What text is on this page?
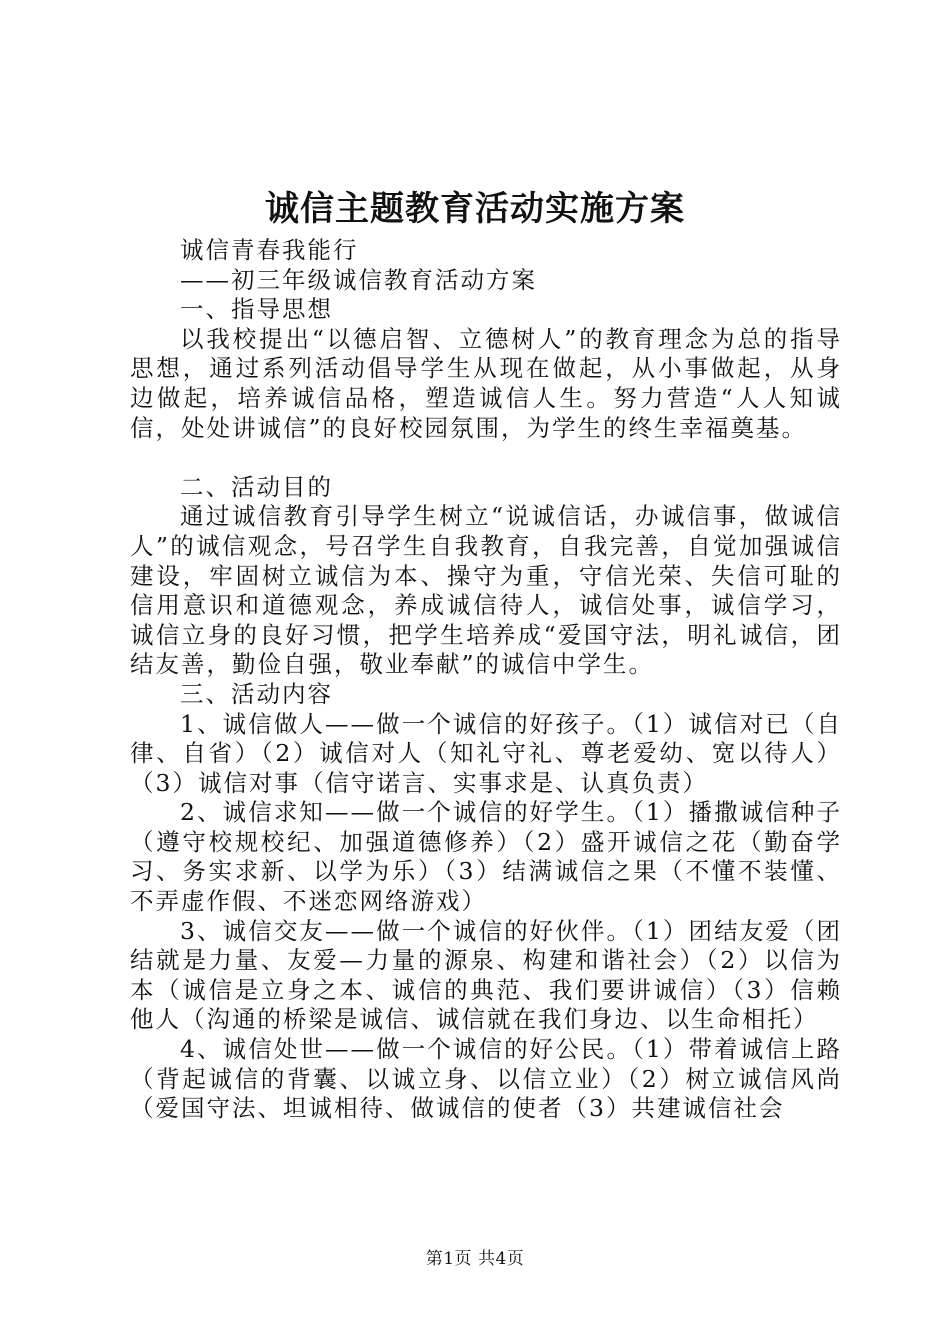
诚信主题教育活动实施方案

诚信青春我能行

——初三年级诚信教育活动方案

一、指导思想

以我校提出“以德启智、立德树人”的教育理念为总的指导思想，通过系列活动倡导学生从现在做起，从小事做起，从身边做起，培养诚信品格，塑造诚信人生。努力营造“人人知诚信，处处讲诚信”的良好校园氛围，为学生的终生幸福奠基。

二、活动目的

通过诚信教育引导学生树立“说诚信话，办诚信事，做诚信人”的诚信观念，号召学生自我教育，自我完善，自觉加强诚信建设，牢固树立诚信为本、操守为重，守信光荣、失信可耻的信用意识和道德观念，养成诚信待人，诚信处事，诚信学习，诚信立身的良好习惯，把学生培养成“爱国守法，明礼诚信，团结友善，勤俭自强，敬业奉献”的诚信中学生。

三、活动内容

1、诚信做人——做一个诚信的好孩子。（1）诚信对已（自律、自省）（2）诚信对人（知礼守礼、尊老爱幼、宽以待人）（3）诚信对事（信守诺言、实事求是、认真负责）

2、诚信求知——做一个诚信的好学生。（1）播撒诚信种子（遵守校规校纪、加强道德修养）（2）盛开诚信之花（勤奋学习、务实求新、以学为乐）（3）结满诚信之果（不懂不装懂、不弄虚作假、不迷恋网络游戏）

3、诚信交友——做一个诚信的好伙伴。（1）团结友爱（团结就是力量、友爱—力量的源泉、构建和谐社会）（2）以信为本（诚信是立身之本、诚信的典范、我们要讲诚信）（3）信赖他人（沟通的桥梁是诚信、诚信就在我们身边、以生命相托）

4、诚信处世——做一个诚信的好公民。（1）带着诚信上路（背起诚信的背囊、以诚立身、以信立业）（2）树立诚信风尚（爱国守法、坦诚相待、做诚信的使者（3）共建诚信社会

第1页 共4页
